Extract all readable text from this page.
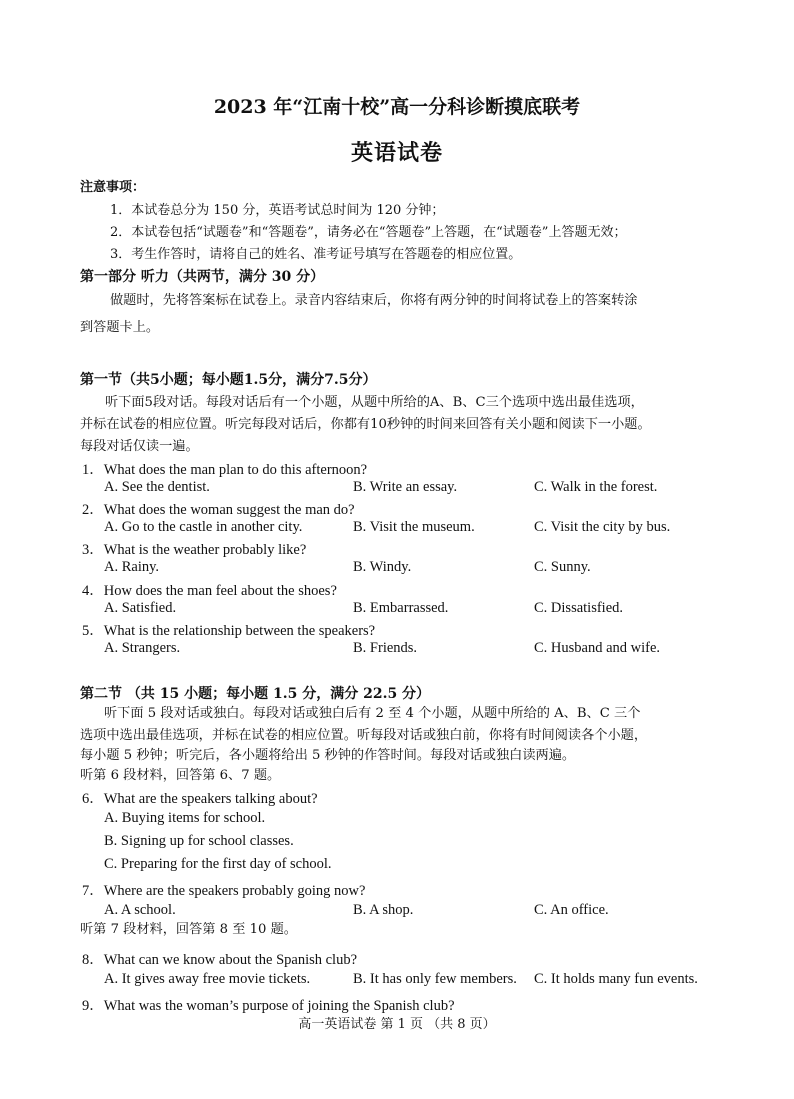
2023 年“江南十校”高一分科诊断摸底联考
英语试卷
注意事项：
1．本试卷总分为 150 分，英语考试总时间为 120 分钟；
2．本试卷包括“试题卷”和“答题卷”，请务必在“答题卷”上答题，在“试题卷”上答题无效；
3．考生作答时，请将自己的姓名、准考证号填写在答题卷的相应位置。
第一部分 听力（共两节，满分 30 分）
做题时，先将答案标在试卷上。录音内容结束后，你将有两分钟的时间将试卷上的答案转涂
到答题卡上。
第一节（共5小题；每小题1.5分，满分7.5分）
听下面5段对话。每段对话后有一个小题，从题中所给的A、B、C三个选项中选出最佳选项，
并标在试卷的相应位置。听完每段对话后，你都有10秒钟的时间来回答有关小题和阅读下一小题。
每段对话仅读一遍。
1．What does the man plan to do this afternoon?
A. See the dentist.	B. Write an essay.	C. Walk in the forest.
2．What does the woman suggest the man do?
A. Go to the castle in another city.	B. Visit the museum.	C. Visit the city by bus.
3．What is the weather probably like?
A. Rainy.	B. Windy.	C. Sunny.
4．How does the man feel about the shoes?
A. Satisfied.	B. Embarrassed.	C. Dissatisfied.
5．What is the relationship between the speakers?
A. Strangers.	B. Friends.	C. Husband and wife.
第二节 （共 15 小题；每小题 1.5 分，满分 22.5 分）
听下面 5 段对话或独白。每段对话或独白后有 2 至 4 个小题，从题中所给的 A、B、C 三个
选项中选出最佳选项，并标在试卷的相应位置。听每段对话或独白前，你将有时间阅读各个小题，
每小题 5 秒钟；听完后，各小题将给出 5 秒钟的作答时间。每段对话或独白读两遍。
听第 6 段材料，回答第 6、7 题。
6．What are the speakers talking about?
A. Buying items for school.
B. Signing up for school classes.
C. Preparing for the first day of school.
7．Where are the speakers probably going now?
A. A school.	B. A shop.	C. An office.
听第 7 段材料，回答第 8 至 10 题。
8．What can we know about the Spanish club?
A. It gives away free movie tickets.	B. It has only few members. C. It holds many fun events.
9．What was the woman’s purpose of joining the Spanish club?
高一英语试卷 第 1 页 （共 8 页）
